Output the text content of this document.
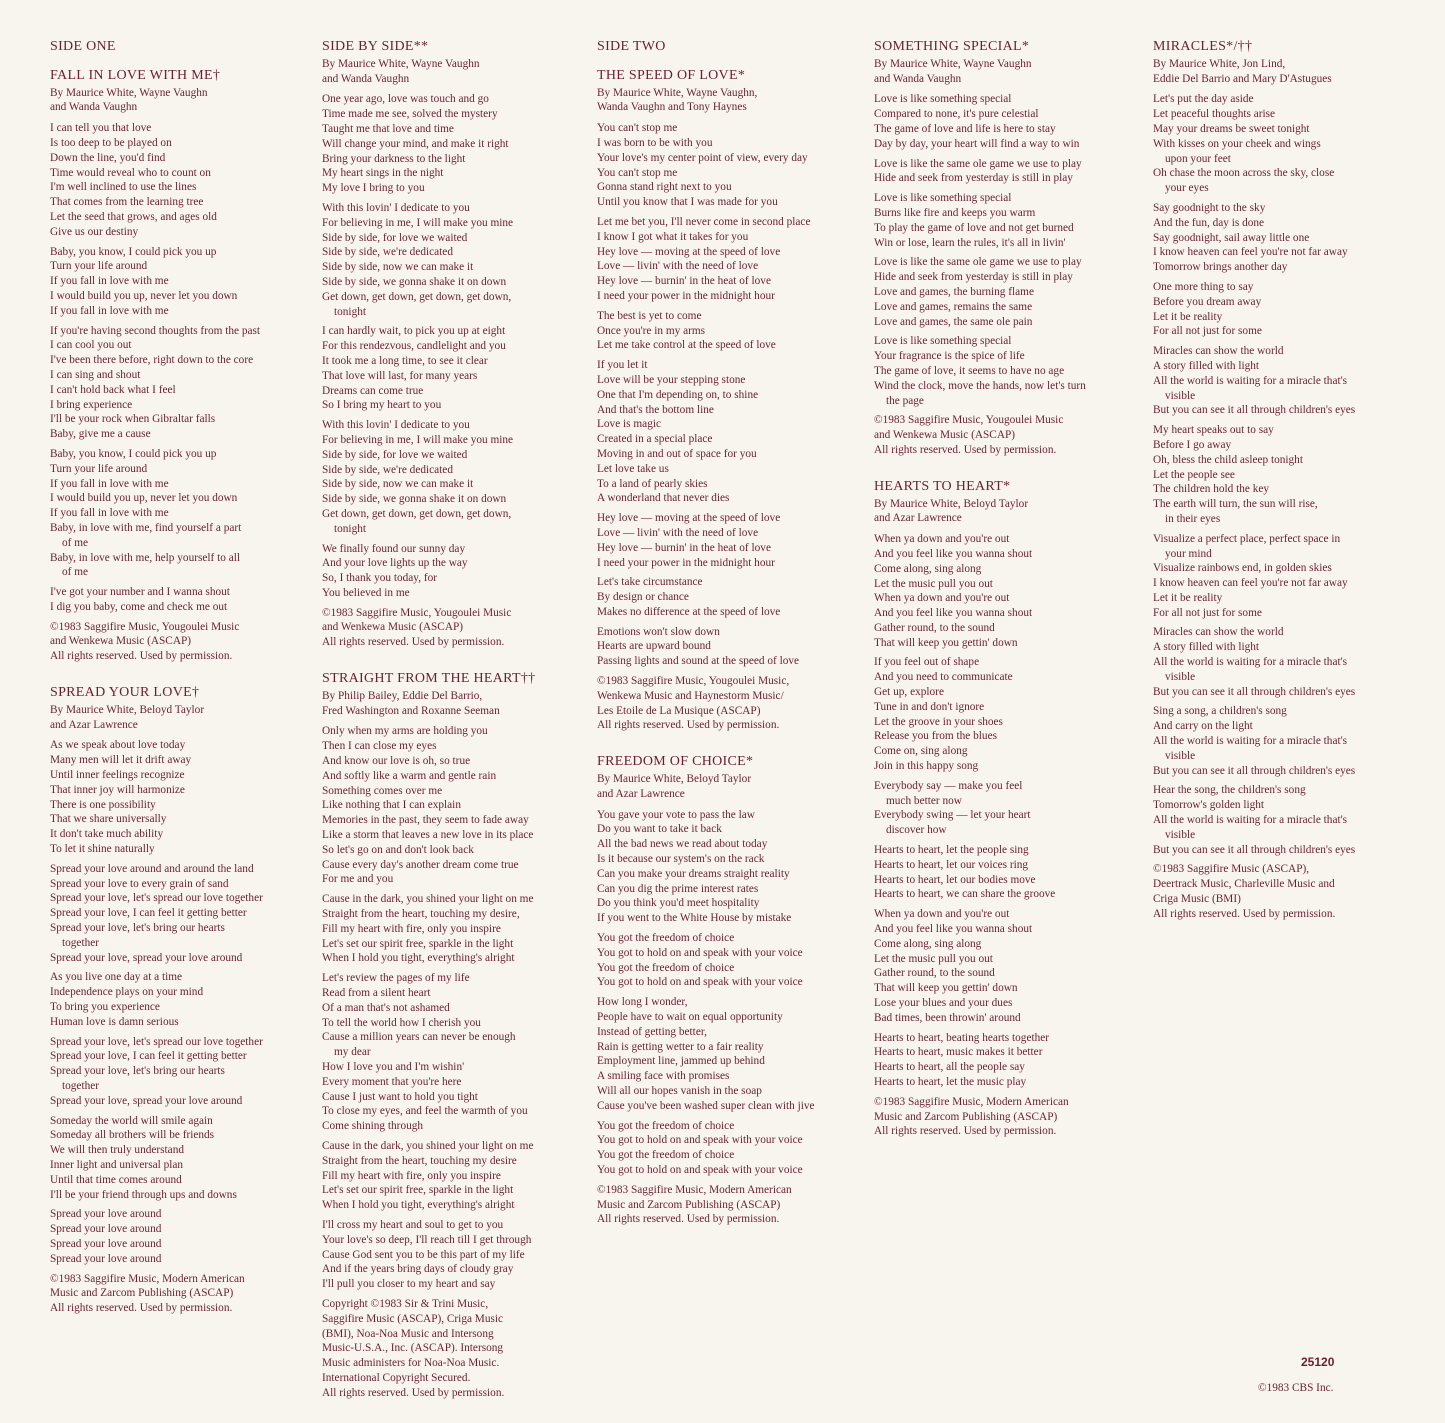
SIDE ONE
FALL IN LOVE WITH ME†
By Maurice White, Wayne Vaughn
and Wanda Vaughn
I can tell you that love
Is too deep to be played on
Down the line, you'd find
Time would reveal who to count on
I'm well inclined to use the lines
That comes from the learning tree
Let the seed that grows, and ages old
Give us our destiny
Baby, you know, I could pick you up
Turn your life around
If you fall in love with me
I would build you up, never let you down
If you fall in love with me
If you're having second thoughts from the past
I can cool you out
I've been there before, right down to the core
I can sing and shout
I can't hold back what I feel
I bring experience
I'll be your rock when Gibraltar falls
Baby, give me a cause
Baby, you know, I could pick you up
Turn your life around
If you fall in love with me
I would build you up, never let you down
If you fall in love with me
Baby, in love with me, find yourself a part
of me
Baby, in love with me, help yourself to all
of me
I've got your number and I wanna shout
I dig you baby, come and check me out
©1983 Saggifire Music, Yougoulei Music
and Wenkewa Music (ASCAP)
All rights reserved. Used by permission.
SPREAD YOUR LOVE†
By Maurice White, Beloyd Taylor
and Azar Lawrence
As we speak about love today
Many men will let it drift away
Until inner feelings recognize
That inner joy will harmonize
There is one possibility
That we share universally
It don't take much ability
To let it shine naturally
Spread your love around and around the land
Spread your love to every grain of sand
Spread your love, let's spread our love together
Spread your love, I can feel it getting better
Spread your love, let's bring our hearts
together
Spread your love, spread your love around
As you live one day at a time
Independence plays on your mind
To bring you experience
Human love is damn serious
Spread your love, let's spread our love together
Spread your love, I can feel it getting better
Spread your love, let's bring our hearts
together
Spread your love, spread your love around
Someday the world will smile again
Someday all brothers will be friends
We will then truly understand
Inner light and universal plan
Until that time comes around
I'll be your friend through ups and downs
Spread your love around
Spread your love around
Spread your love around
Spread your love around
©1983 Saggifire Music, Modern American
Music and Zarcom Publishing (ASCAP)
All rights reserved. Used by permission.
SIDE BY SIDE**
By Maurice White, Wayne Vaughn
and Wanda Vaughn
One year ago, love was touch and go
Time made me see, solved the mystery
Taught me that love and time
Will change your mind, and make it right
Bring your darkness to the light
My heart sings in the night
My love I bring to you
With this lovin' I dedicate to you
For believing in me, I will make you mine
Side by side, for love we waited
Side by side, we're dedicated
Side by side, now we can make it
Side by side, we gonna shake it on down
Get down, get down, get down, get down,
tonight
I can hardly wait, to pick you up at eight
For this rendezvous, candlelight and you
It took me a long time, to see it clear
That love will last, for many years
Dreams can come true
So I bring my heart to you
With this lovin' I dedicate to you
For believing in me, I will make you mine
Side by side, for love we waited
Side by side, we're dedicated
Side by side, now we can make it
Side by side, we gonna shake it on down
Get down, get down, get down, get down,
tonight
We finally found our sunny day
And your love lights up the way
So, I thank you today, for
You believed in me
©1983 Saggifire Music, Yougoulei Music
and Wenkewa Music (ASCAP)
All rights reserved. Used by permission.
STRAIGHT FROM THE HEART††
By Philip Bailey, Eddie Del Barrio,
Fred Washington and Roxanne Seeman
Only when my arms are holding you
Then I can close my eyes
And know our love is oh, so true
And softly like a warm and gentle rain
Something comes over me
Like nothing that I can explain
Memories in the past, they seem to fade away
Like a storm that leaves a new love in its place
So let's go on and don't look back
Cause every day's another dream come true
For me and you
Cause in the dark, you shined your light on me
Straight from the heart, touching my desire,
Fill my heart with fire, only you inspire
Let's set our spirit free, sparkle in the light
When I hold you tight, everything's alright
Let's review the pages of my life
Read from a silent heart
Of a man that's not ashamed
To tell the world how I cherish you
Cause a million years can never be enough
my dear
How I love you and I'm wishin'
Every moment that you're here
Cause I just want to hold you tight
To close my eyes, and feel the warmth of you
Come shining through
Cause in the dark, you shined your light on me
Straight from the heart, touching my desire
Fill my heart with fire, only you inspire
Let's set our spirit free, sparkle in the light
When I hold you tight, everything's alright
I'll cross my heart and soul to get to you
Your love's so deep, I'll reach till I get through
Cause God sent you to be this part of my life
And if the years bring days of cloudy gray
I'll pull you closer to my heart and say
Copyright ©1983 Sir & Trini Music,
Saggifire Music (ASCAP), Criga Music
(BMI), Noa-Noa Music and Intersong
Music-U.S.A., Inc. (ASCAP). Intersong
Music administers for Noa-Noa Music.
International Copyright Secured.
All rights reserved. Used by permission.
SIDE TWO
THE SPEED OF LOVE*
By Maurice White, Wayne Vaughn,
Wanda Vaughn and Tony Haynes
You can't stop me
I was born to be with you
Your love's my center point of view, every day
You can't stop me
Gonna stand right next to you
Until you know that I was made for you
Let me bet you, I'll never come in second place
I know I got what it takes for you
Hey love — moving at the speed of love
Love — livin' with the need of love
Hey love — burnin' in the heat of love
I need your power in the midnight hour
The best is yet to come
Once you're in my arms
Let me take control at the speed of love
If you let it
Love will be your stepping stone
One that I'm depending on, to shine
And that's the bottom line
Love is magic
Created in a special place
Moving in and out of space for you
Let love take us
To a land of pearly skies
A wonderland that never dies
Hey love — moving at the speed of love
Love — livin' with the need of love
Hey love — burnin' in the heat of love
I need your power in the midnight hour
Let's take circumstance
By design or chance
Makes no difference at the speed of love
Emotions won't slow down
Hearts are upward bound
Passing lights and sound at the speed of love
©1983 Saggifire Music, Yougoulei Music,
Wenkewa Music and Haynestorm Music/
Les Etoile de La Musique (ASCAP)
All rights reserved. Used by permission.
FREEDOM OF CHOICE*
By Maurice White, Beloyd Taylor
and Azar Lawrence
You gave your vote to pass the law
Do you want to take it back
All the bad news we read about today
Is it because our system's on the rack
Can you make your dreams straight reality
Can you dig the prime interest rates
Do you think you'd meet hospitality
If you went to the White House by mistake
You got the freedom of choice
You got to hold on and speak with your voice
You got the freedom of choice
You got to hold on and speak with your voice
How long I wonder,
People have to wait on equal opportunity
Instead of getting better,
Rain is getting wetter to a fair reality
Employment line, jammed up behind
A smiling face with promises
Will all our hopes vanish in the soap
Cause you've been washed super clean with jive
You got the freedom of choice
You got to hold on and speak with your voice
You got the freedom of choice
You got to hold on and speak with your voice
©1983 Saggifire Music, Modern American
Music and Zarcom Publishing (ASCAP)
All rights reserved. Used by permission.
SOMETHING SPECIAL*
By Maurice White, Wayne Vaughn
and Wanda Vaughn
Love is like something special
Compared to none, it's pure celestial
The game of love and life is here to stay
Day by day, your heart will find a way to win
Love is like the same ole game we use to play
Hide and seek from yesterday is still in play
Love is like something special
Burns like fire and keeps you warm
To play the game of love and not get burned
Win or lose, learn the rules, it's all in livin'
Love is like the same ole game we use to play
Hide and seek from yesterday is still in play
Love and games, the burning flame
Love and games, remains the same
Love and games, the same ole pain
Love is like something special
Your fragrance is the spice of life
The game of love, it seems to have no age
Wind the clock, move the hands, now let's turn
the page
©1983 Saggifire Music, Yougoulei Music
and Wenkewa Music (ASCAP)
All rights reserved. Used by permission.
HEARTS TO HEART*
By Maurice White, Beloyd Taylor
and Azar Lawrence
When ya down and you're out
And you feel like you wanna shout
Come along, sing along
Let the music pull you out
When ya down and you're out
And you feel like you wanna shout
Gather round, to the sound
That will keep you gettin' down
If you feel out of shape
And you need to communicate
Get up, explore
Tune in and don't ignore
Let the groove in your shoes
Release you from the blues
Come on, sing along
Join in this happy song
Everybody say — make you feel
much better now
Everybody swing — let your heart
discover how
Hearts to heart, let the people sing
Hearts to heart, let our voices ring
Hearts to heart, let our bodies move
Hearts to heart, we can share the groove
When ya down and you're out
And you feel like you wanna shout
Come along, sing along
Let the music pull you out
Gather round, to the sound
That will keep you gettin' down
Lose your blues and your dues
Bad times, been throwin' around
Hearts to heart, beating hearts together
Hearts to heart, music makes it better
Hearts to heart, all the people say
Hearts to heart, let the music play
©1983 Saggifire Music, Modern American
Music and Zarcom Publishing (ASCAP)
All rights reserved. Used by permission.
MIRACLES*/††
By Maurice White, Jon Lind,
Eddie Del Barrio and Mary D'Astugues
Let's put the day aside
Let peaceful thoughts arise
May your dreams be sweet tonight
With kisses on your cheek and wings
upon your feet
Oh chase the moon across the sky, close
your eyes
Say goodnight to the sky
And the fun, day is done
Say goodnight, sail away little one
I know heaven can feel you're not far away
Tomorrow brings another day
One more thing to say
Before you dream away
Let it be reality
For all not just for some
Miracles can show the world
A story filled with light
All the world is waiting for a miracle that's
visible
But you can see it all through children's eyes
My heart speaks out to say
Before I go away
Oh, bless the child asleep tonight
Let the people see
The children hold the key
The earth will turn, the sun will rise,
in their eyes
Visualize a perfect place, perfect space in
your mind
Visualize rainbows end, in golden skies
I know heaven can feel you're not far away
Let it be reality
For all not just for some
Miracles can show the world
A story filled with light
All the world is waiting for a miracle that's
visible
But you can see it all through children's eyes
Sing a song, a children's song
And carry on the light
All the world is waiting for a miracle that's
visible
But you can see it all through children's eyes
Hear the song, the children's song
Tomorrow's golden light
All the world is waiting for a miracle that's
visible
But you can see it all through children's eyes
©1983 Saggifire Music (ASCAP),
Deertrack Music, Charleville Music and
Criga Music (BMI)
All rights reserved. Used by permission.
25120
©1983 CBS Inc.
